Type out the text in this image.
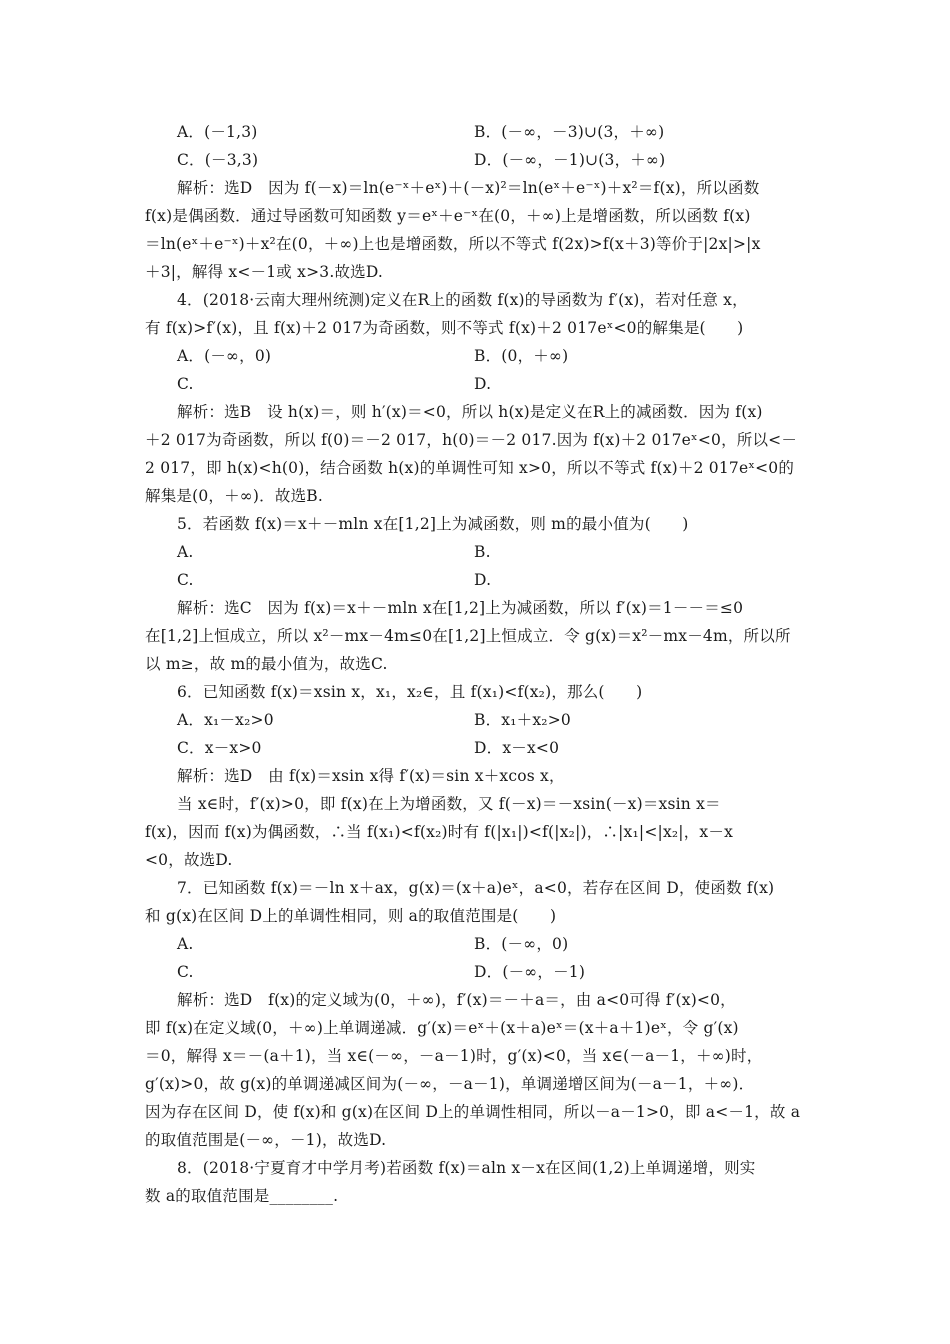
A．(－1,3)	B．(－∞，－3)∪(3，＋∞)
C．(－3,3)	D．(－∞，－1)∪(3，＋∞)
解析：选D　因为 f(－x)＝ln(e⁻ˣ＋eˣ)＋(－x)²＝ln(eˣ＋e⁻ˣ)＋x²＝f(x)，所以函数
f(x)是偶函数．通过导函数可知函数 y＝eˣ＋e⁻ˣ在(0，＋∞)上是增函数，所以函数 f(x)
＝ln(eˣ＋e⁻ˣ)＋x²在(0，＋∞)上也是增函数，所以不等式 f(2x)>f(x＋3)等价于|2x|>|x
＋3|，解得 x<－1或 x>3.故选D.
4．(2018·云南大理州统测)定义在R上的函数 f(x)的导函数为 f′(x)，若对任意 x，
有 f(x)>f′(x)，且 f(x)＋2 017为奇函数，则不等式 f(x)＋2 017eˣ<0的解集是(　　)
A．(－∞，0)	B．(0，＋∞)
C.	D.
解析：选B　设 h(x)＝，则 h′(x)＝<0，所以 h(x)是定义在R上的减函数．因为 f(x)
＋2 017为奇函数，所以 f(0)＝－2 017，h(0)＝－2 017.因为 f(x)＋2 017eˣ<0，所以<－
2 017，即 h(x)<h(0)，结合函数 h(x)的单调性可知 x>0，所以不等式 f(x)＋2 017eˣ<0的
解集是(0，＋∞)．故选B.
5．若函数 f(x)＝x＋－mln x在[1,2]上为减函数，则 m的最小值为(　　)
A.	B.
C.	D.
解析：选C　因为 f(x)＝x＋－mln x在[1,2]上为减函数，所以 f′(x)＝1－－＝≤0
在[1,2]上恒成立，所以 x²－mx－4m≤0在[1,2]上恒成立．令 g(x)＝x²－mx－4m，所以所
以 m≥，故 m的最小值为，故选C.
6．已知函数 f(x)＝xsin x，x₁，x₂∈，且 f(x₁)<f(x₂)，那么(　　)
A．x₁－x₂>0	B．x₁＋x₂>0
C．x－x>0	D．x－x<0
解析：选D　由 f(x)＝xsin x得 f′(x)＝sin x＋xcos x，
当 x∈时，f′(x)>0，即 f(x)在上为增函数，又 f(－x)＝－xsin(－x)＝xsin x＝
f(x)，因而 f(x)为偶函数，∴当 f(x₁)<f(x₂)时有 f(|x₁|)<f(|x₂|)，∴|x₁|<|x₂|，x－x
<0，故选D.
7．已知函数 f(x)＝－ln x＋ax，g(x)＝(x＋a)eˣ，a<0，若存在区间 D，使函数 f(x)
和 g(x)在区间 D上的单调性相同，则 a的取值范围是(　　)
A.	B．(－∞，0)
C.	D．(－∞，－1)
解析：选D　f(x)的定义域为(0，＋∞)，f′(x)＝－＋a＝，由 a<0可得 f′(x)<0，
即 f(x)在定义域(0，＋∞)上单调递减．g′(x)＝eˣ＋(x＋a)eˣ＝(x＋a＋1)eˣ，令 g′(x)
＝0，解得 x＝－(a＋1)，当 x∈(－∞，－a－1)时，g′(x)<0，当 x∈(－a－1，＋∞)时，
g′(x)>0，故 g(x)的单调递减区间为(－∞，－a－1)，单调递增区间为(－a－1，＋∞)．
因为存在区间 D，使 f(x)和 g(x)在区间 D上的单调性相同，所以－a－1>0，即 a<－1，故 a
的取值范围是(－∞，－1)，故选D.
8．(2018·宁夏育才中学月考)若函数 f(x)＝aln x－x在区间(1,2)上单调递增，则实
数 a的取值范围是________.
